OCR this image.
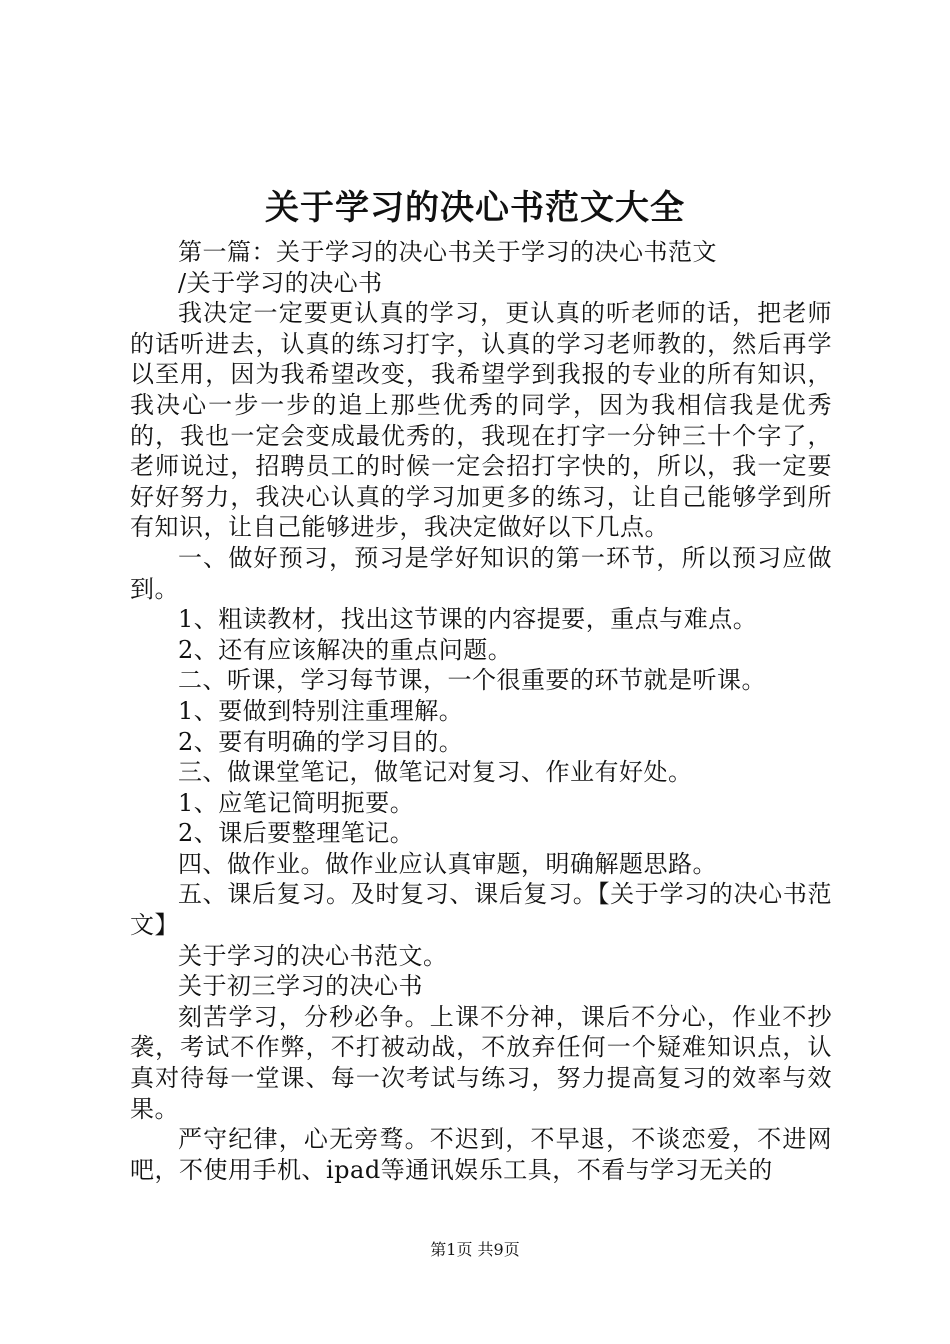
关于学习的决心书范文大全

第一篇：关于学习的决心书关于学习的决心书范文

/关于学习的决心书

我决定一定要更认真的学习，更认真的听老师的话，把老师的话听进去，认真的练习打字，认真的学习老师教的，然后再学以至用，因为我希望改变，我希望学到我报的专业的所有知识，我决心一步一步的追上那些优秀的同学，因为我相信我是优秀的，我也一定会变成最优秀的，我现在打字一分钟三十个字了，老师说过，招聘员工的时候一定会招打字快的，所以，我一定要好好努力，我决心认真的学习加更多的练习，让自己能够学到所有知识，让自己能够进步，我决定做好以下几点。

一、做好预习，预习是学好知识的第一环节，所以预习应做到。

1、粗读教材，找出这节课的内容提要，重点与难点。

2、还有应该解决的重点问题。

二、听课，学习每节课，一个很重要的环节就是听课。

1、要做到特别注重理解。

2、要有明确的学习目的。

三、做课堂笔记，做笔记对复习、作业有好处。

1、应笔记简明扼要。

2、课后要整理笔记。

四、做作业。做作业应认真审题，明确解题思路。

五、课后复习。及时复习、课后复习。【关于学习的决心书范文】

关于学习的决心书范文。

关于初三学习的决心书

刻苦学习，分秒必争。上课不分神，课后不分心，作业不抄袭，考试不作弊，不打被动战，不放弃任何一个疑难知识点，认真对待每一堂课、每一次考试与练习，努力提高复习的效率与效果。

严守纪律，心无旁骛。不迟到，不早退，不谈恋爱，不进网吧，不使用手机、ipad等通讯娱乐工具，不看与学习无关的

第1页 共9页
